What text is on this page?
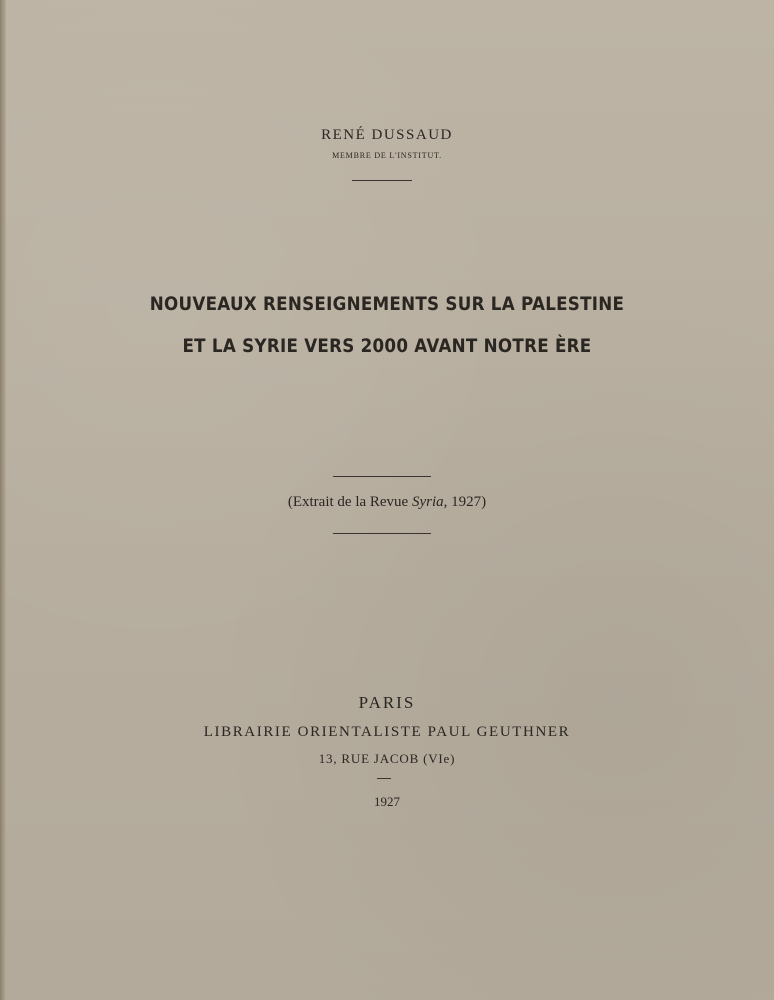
RENÉ DUSSAUD
MEMBRE DE L'INSTITUT.
NOUVEAUX RENSEIGNEMENTS SUR LA PALESTINE
ET LA SYRIE VERS 2000 AVANT NOTRE ÈRE
(Extrait de la Revue Syria, 1927)
PARIS
LIBRAIRIE ORIENTALISTE PAUL GEUTHNER
13, RUE JACOB (VIe)
1927
